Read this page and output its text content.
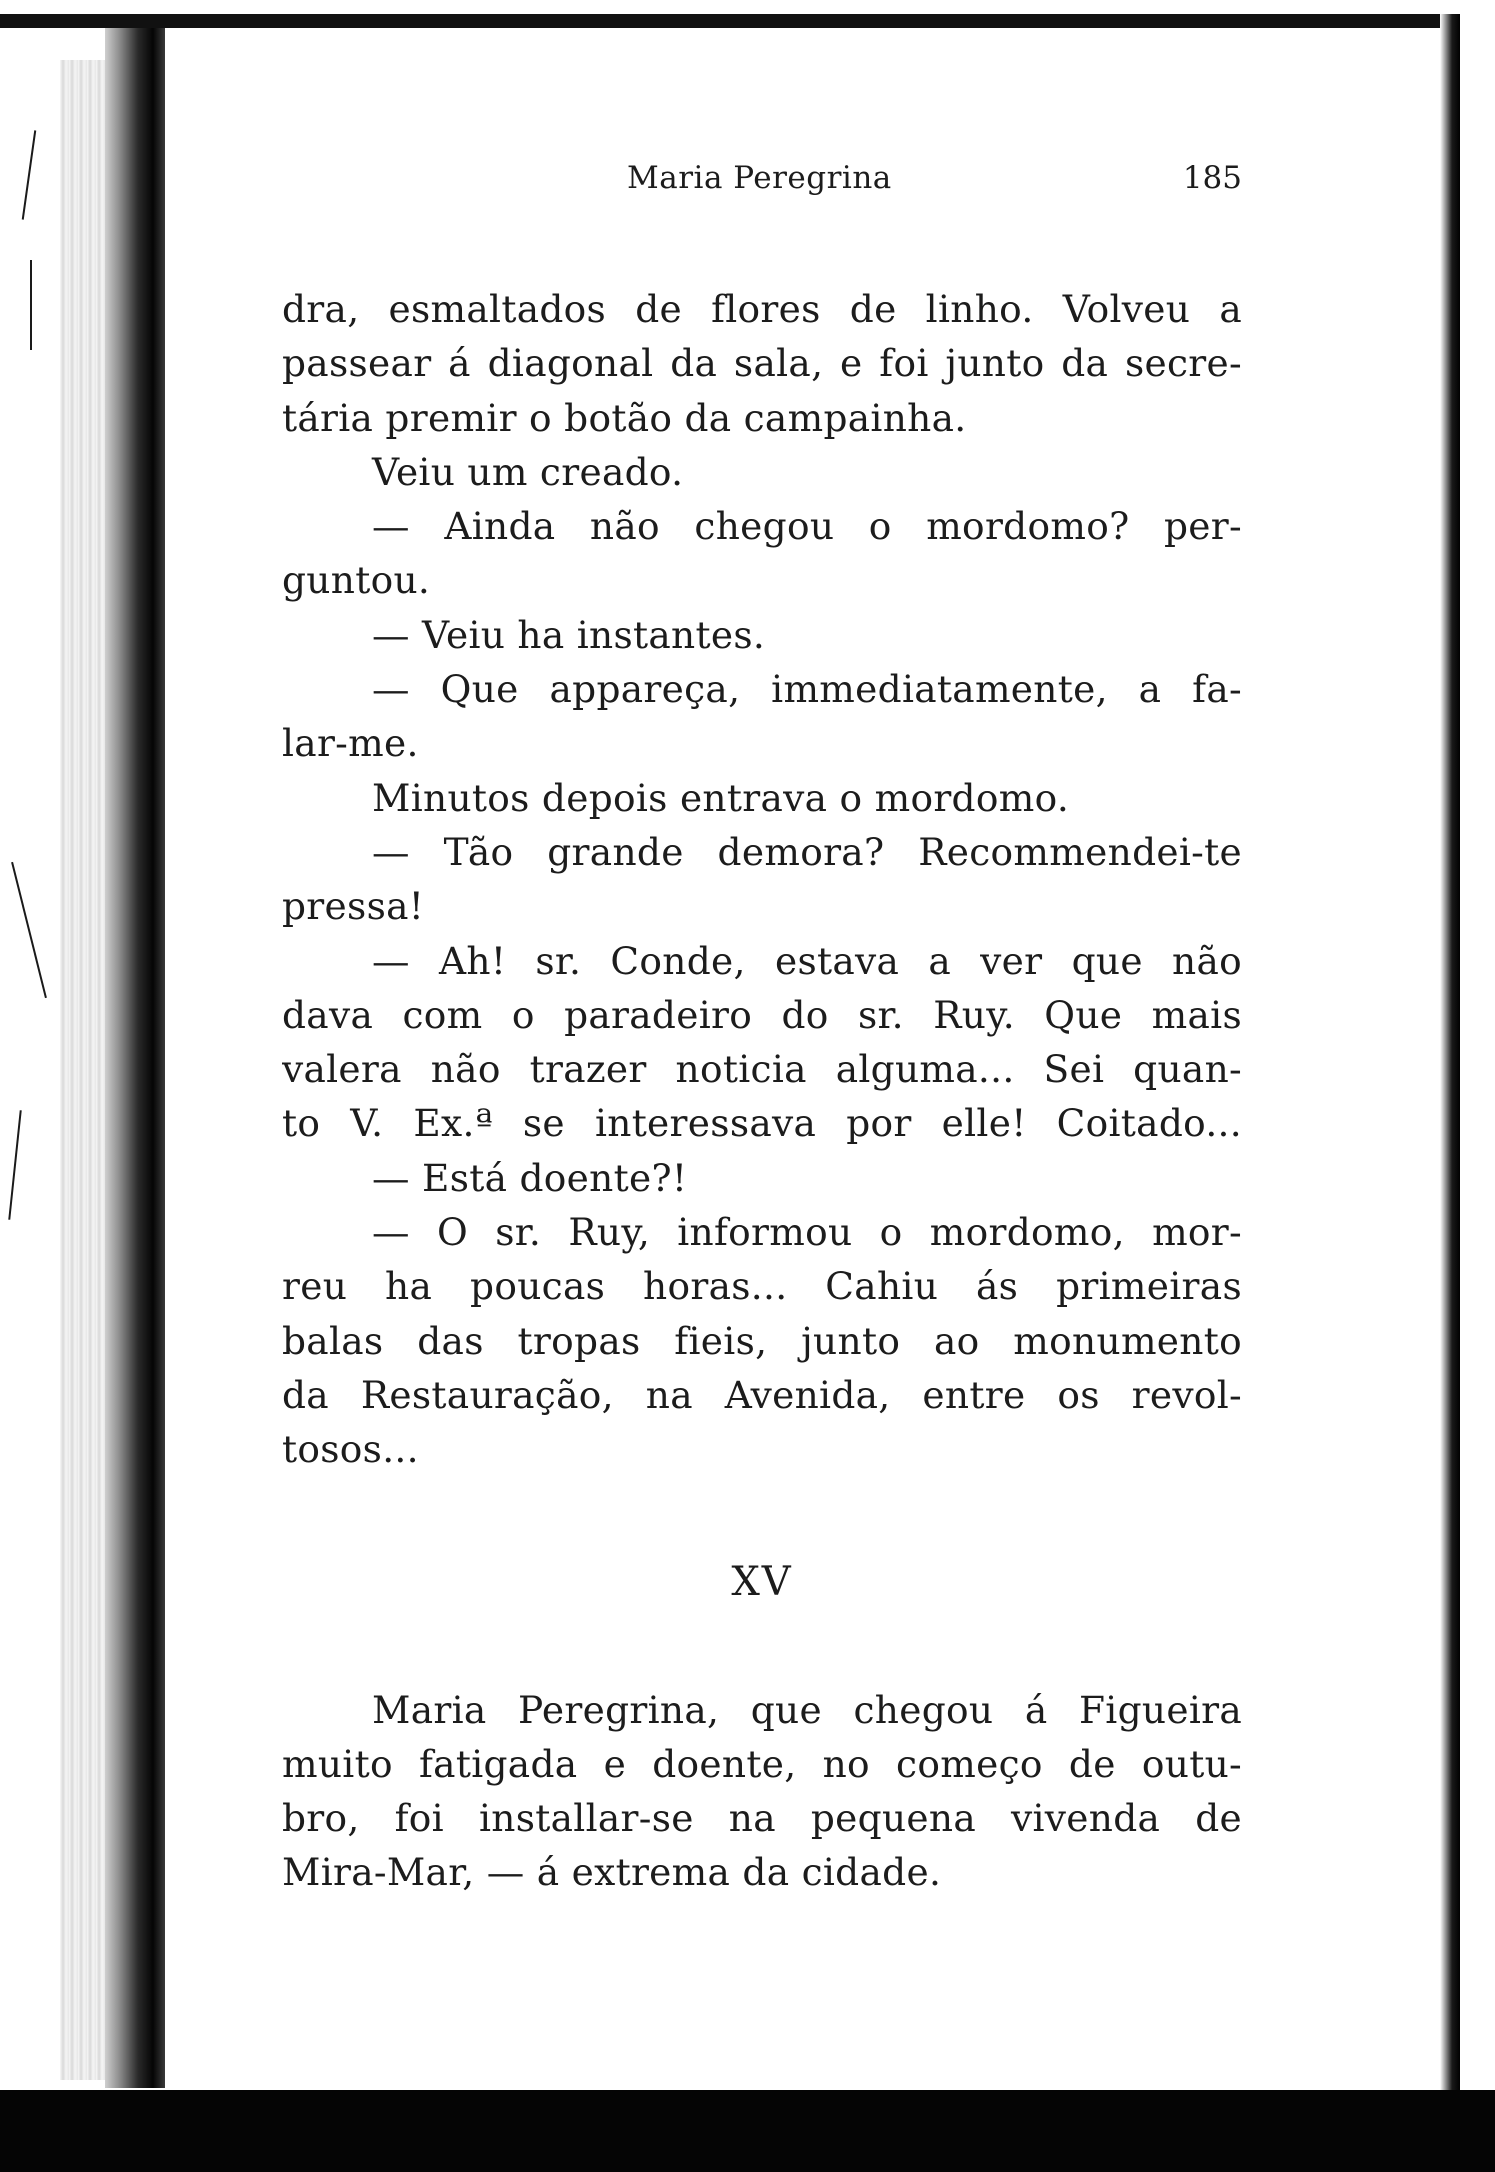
Maria Peregrina	185
dra, esmaltados de flores de linho. Volveu a
passear á diagonal da sala, e foi junto da secre-
tária premir o botão da campainha.
Veiu um creado.
— Ainda não chegou o mordomo? per-
guntou.
— Veiu ha instantes.
— Que appareça, immediatamente, a fa-
lar-me.
Minutos depois entrava o mordomo.
— Tão grande demora? Recommendei-te
pressa!
— Ah! sr. Conde, estava a ver que não
dava com o paradeiro do sr. Ruy. Que mais
valera não trazer noticia alguma... Sei quan-
to V. Ex.ª se interessava por elle! Coitado...
— Está doente?!
— O sr. Ruy, informou o mordomo, mor-
reu ha poucas horas... Cahiu ás primeiras
balas das tropas fieis, junto ao monumento
da Restauração, na Avenida, entre os revol-
tosos...
XV
Maria Peregrina, que chegou á Figueira
muito fatigada e doente, no começo de outu-
bro, foi installar-se na pequena vivenda de
Mira-Mar, — á extrema da cidade.
